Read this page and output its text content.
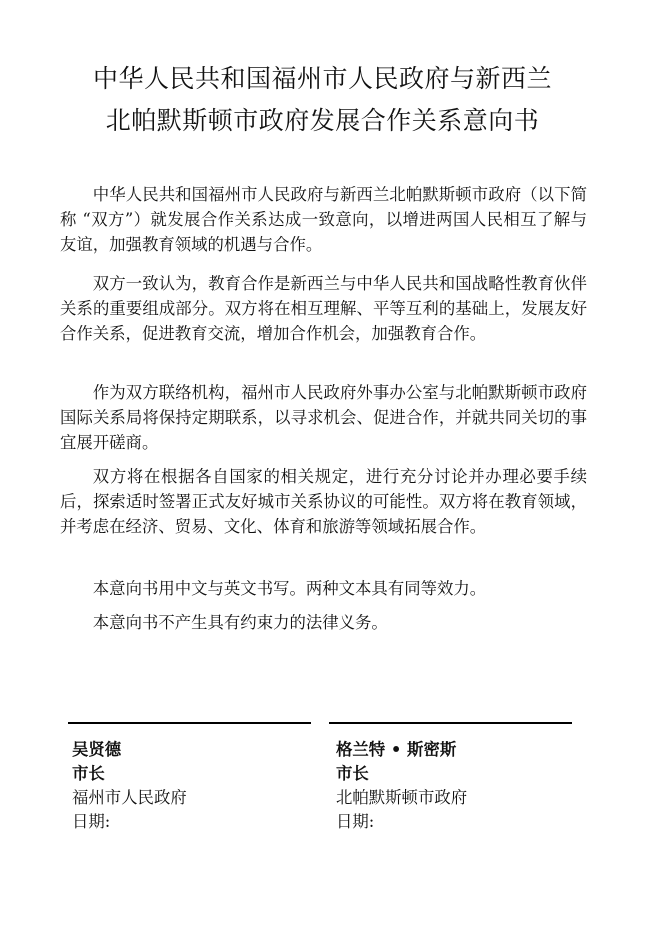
中华人民共和国福州市人民政府与新西兰
北帕默斯顿市政府发展合作关系意向书

中华人民共和国福州市人民政府与新西兰北帕默斯顿市政府（以下简称 “双方”）就发展合作关系达成一致意向，以增进两国人民相互了解与友谊，加强教育领域的机遇与合作。

双方一致认为，教育合作是新西兰与中华人民共和国战略性教育伙伴关系的重要组成部分。双方将在相互理解、平等互利的基础上，发展友好合作关系，促进教育交流，增加合作机会，加强教育合作。

作为双方联络机构，福州市人民政府外事办公室与北帕默斯顿市政府国际关系局将保持定期联系，以寻求机会、促进合作，并就共同关切的事宜展开磋商。

双方将在根据各自国家的相关规定，进行充分讨论并办理必要手续后，探索适时签署正式友好城市关系协议的可能性。双方将在教育领域，并考虑在经济、贸易、文化、体育和旅游等领域拓展合作。

本意向书用中文与英文书写。两种文本具有同等效力。

本意向书不产生具有约束力的法律义务。

吴贤德
市长
福州市人民政府
日期:
格兰特 • 斯密斯
市长
北帕默斯顿市政府
日期:
